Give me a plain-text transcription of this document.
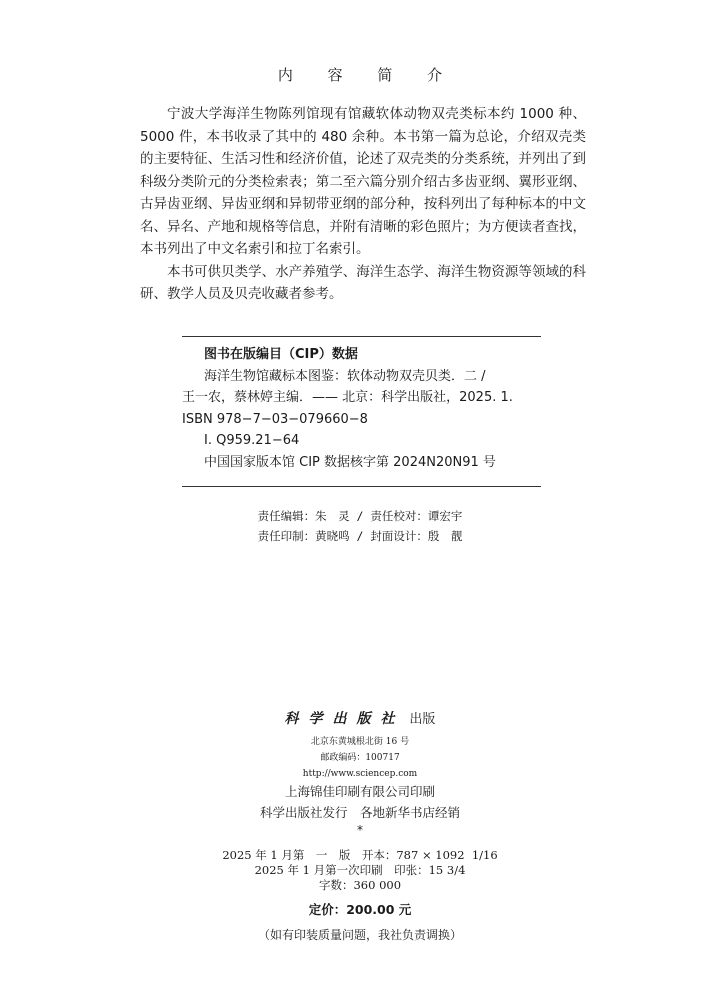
内 容 简 介

宁波大学海洋生物陈列馆现有馆藏软体动物双壳类标本约 1000 种、5000 件，本书收录了其中的 480 余种。本书第一篇为总论，介绍双壳类的主要特征、生活习性和经济价值，论述了双壳类的分类系统，并列出了到科级分类阶元的分类检索表；第二至六篇分别介绍古多齿亚纲、翼形亚纲、古异齿亚纲、异齿亚纲和异韧带亚纲的部分种，按科列出了每种标本的中文名、异名、产地和规格等信息，并附有清晰的彩色照片；为方便读者查找，本书列出了中文名索引和拉丁名索引。

本书可供贝类学、水产养殖学、海洋生态学、海洋生物资源等领域的科研、教学人员及贝壳收藏者参考。

图书在版编目（CIP）数据
海洋生物馆藏标本图鉴：软体动物双壳贝类．二 /
王一农，蔡林婷主编．—— 北京：科学出版社，2025. 1.
ISBN 978−7−03−079660−8
Ⅰ. Q959.21−64
中国国家版本馆 CIP 数据核字第 2024N20N91 号
责任编辑：朱　灵 / 责任校对：谭宏宇
责任印制：黄晓鸣 / 封面设计：殷　靓
科学出版社 出版
北京东黄城根北街 16 号
邮政编码：100717
http://www.sciencep.com
上海锦佳印刷有限公司印刷
科学出版社发行　各地新华书店经销
*
2025 年 1 月第　一　版　开本：787 × 1092  1/16
2025 年 1 月第一次印刷　印张：15 3/4
字数：360 000
定价：200.00 元
（如有印装质量问题，我社负责调换）
